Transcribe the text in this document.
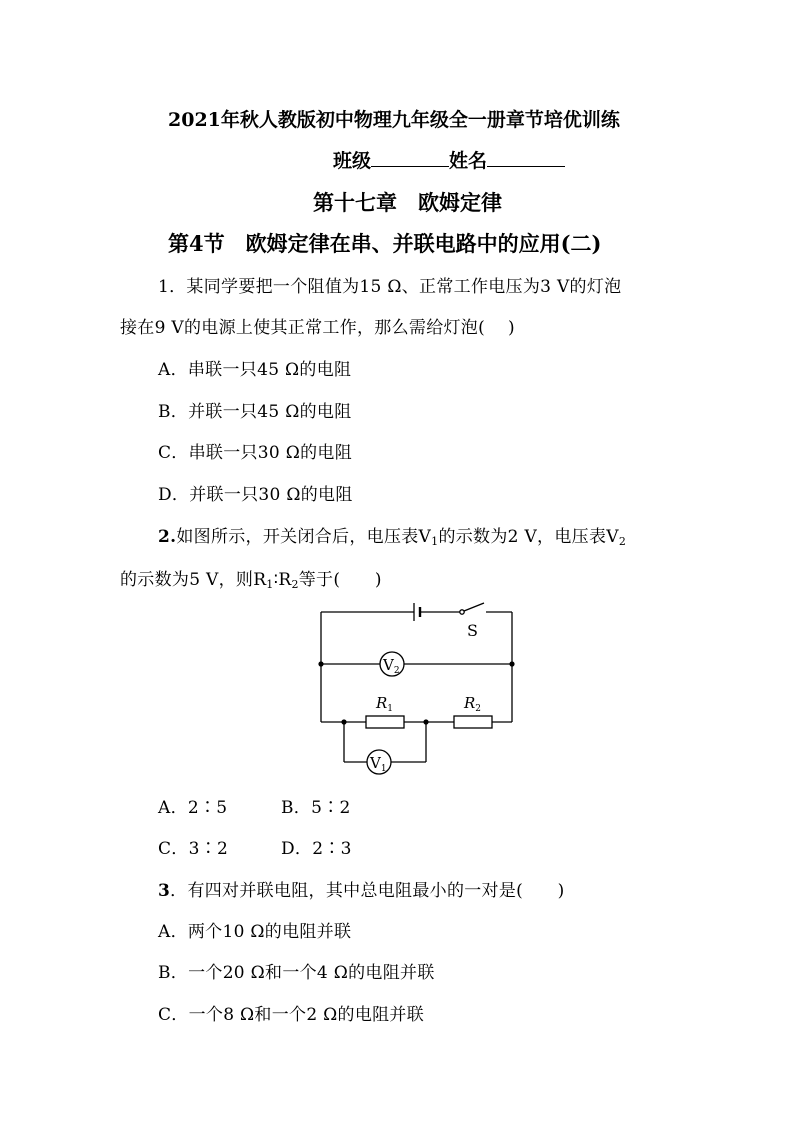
2021年秋人教版初中物理九年级全一册章节培优训练
班级	姓名
第十七章　欧姆定律
第4节　欧姆定律在串、并联电路中的应用(二)
1．某同学要把一个阻值为15 Ω、正常工作电压为3 V的灯泡
接在9 V的电源上使其正常工作，那么需给灯泡(　 )
A．串联一只45 Ω的电阻
B．并联一只45 Ω的电阻
C．串联一只30 Ω的电阻
D．并联一只30 Ω的电阻
2.如图所示，开关闭合后，电压表$V_1$的示数为2 V，电压表$V_2$
的示数为5 V，则$R_1∶R_2$等于(　　)
S
$V_2$
$V_1$
$R_1$	$R_2$
A．2∶5	B．5∶2
C．3∶2	D．2∶3
3．有四对并联电阻，其中总电阻最小的一对是(　　)
A．两个10 Ω的电阻并联
B．一个20 Ω和一个4 Ω的电阻并联
C．一个8 Ω和一个2 Ω的电阻并联
